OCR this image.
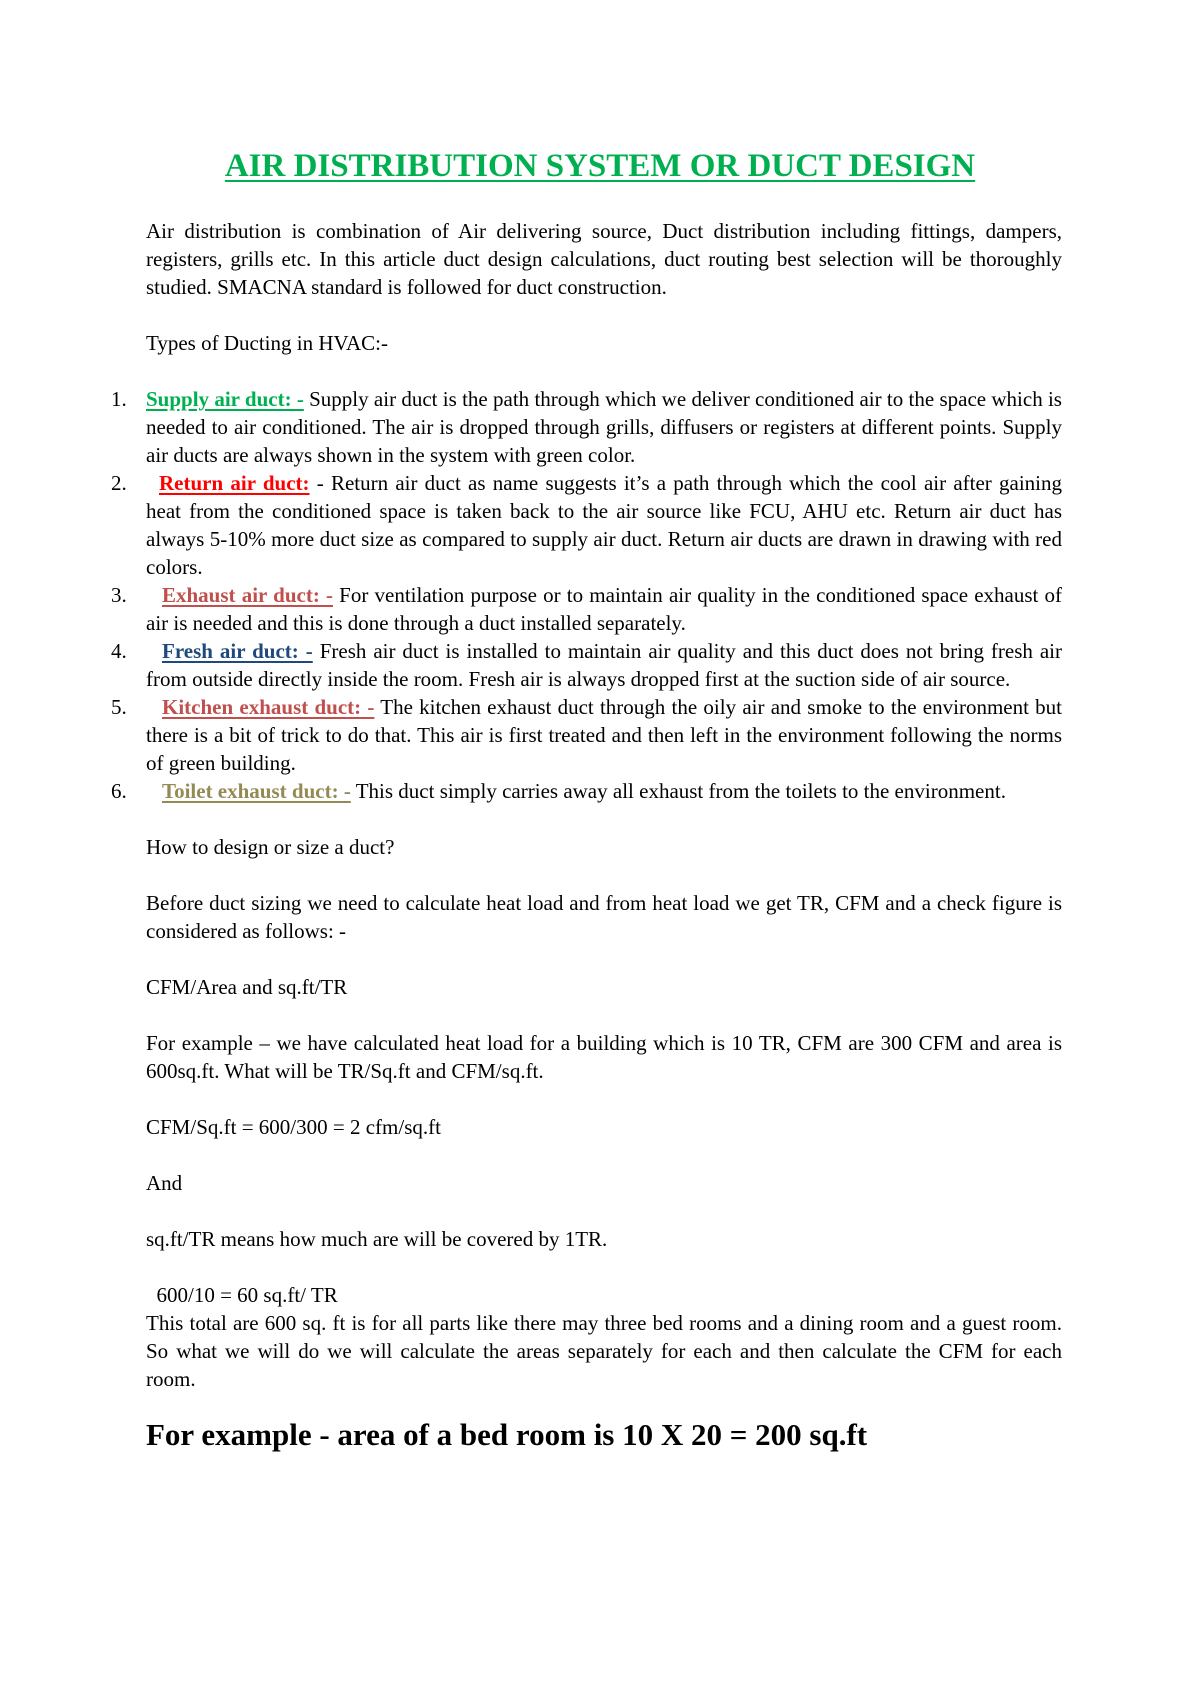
AIR DISTRIBUTION SYSTEM OR DUCT DESIGN

Air distribution is combination of Air delivering source, Duct distribution including fittings, dampers, registers, grills etc. In this article duct design calculations, duct routing best selection will be thoroughly studied. SMACNA standard is followed for duct construction.

Types of Ducting in HVAC:-

1. Supply air duct: - Supply air duct is the path through which we deliver conditioned air to the space which is needed to air conditioned. The air is dropped through grills, diffusers or registers at different points. Supply air ducts are always shown in the system with green color.
2. Return air duct: - Return air duct as name suggests it’s a path through which the cool air after gaining heat from the conditioned space is taken back to the air source like FCU, AHU etc. Return air duct has always 5-10% more duct size as compared to supply air duct. Return air ducts are drawn in drawing with red colors.
3. Exhaust air duct: - For ventilation purpose or to maintain air quality in the conditioned space exhaust of air is needed and this is done through a duct installed separately.
4. Fresh air duct: - Fresh air duct is installed to maintain air quality and this duct does not bring fresh air from outside directly inside the room. Fresh air is always dropped first at the suction side of air source.
5. Kitchen exhaust duct: - The kitchen exhaust duct through the oily air and smoke to the environment but there is a bit of trick to do that. This air is first treated and then left in the environment following the norms of green building.
6. Toilet exhaust duct: - This duct simply carries away all exhaust from the toilets to the environment.

How to design or size a duct?

Before duct sizing we need to calculate heat load and from heat load we get TR, CFM and a check figure is considered as follows: -

CFM/Area and sq.ft/TR

For example – we have calculated heat load for a building which is 10 TR, CFM are 300 CFM and area is 600sq.ft. What will be TR/Sq.ft and CFM/sq.ft.

CFM/Sq.ft = 600/300 = 2 cfm/sq.ft

And

sq.ft/TR means how much are will be covered by 1TR.

600/10 = 60 sq.ft/ TR

This total are 600 sq. ft is for all parts like there may three bed rooms and a dining room and a guest room. So what we will do we will calculate the areas separately for each and then calculate the CFM for each room.

For example - area of a bed room is 10 X 20 = 200 sq.ft
